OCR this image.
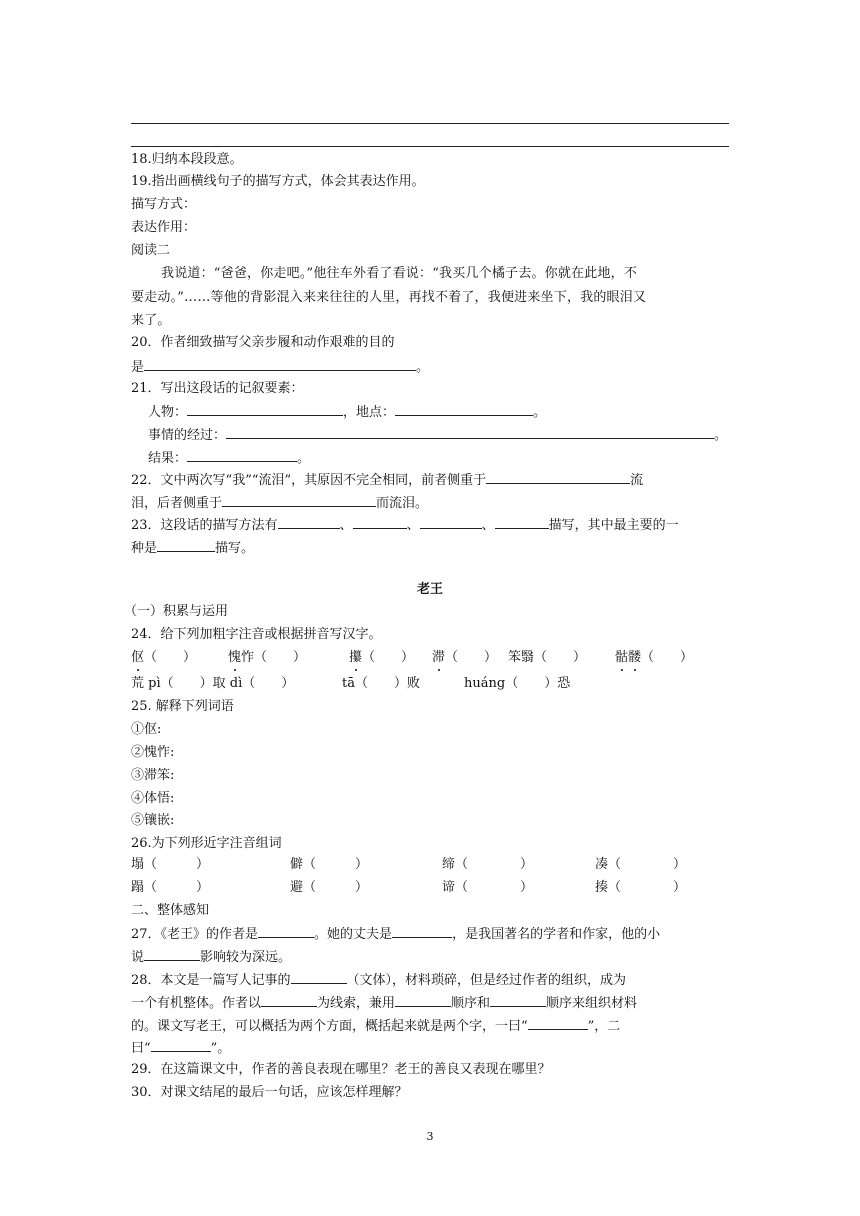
18.归纳本段段意。
19.指出画横线句子的描写方式，体会其表达作用。
描写方式：
表达作用：
阅读二
我说道：“爸爸，你走吧。”他往车外看了看说：“我买几个橘子去。你就在此地，不
要走动。”……等他的背影混入来来往往的人里，再找不着了，我便进来坐下，我的眼泪又
来了。
20．作者细致描写父亲步履和动作艰难的目的
是	。
21．写出这段话的记叙要素：
人物：	，地点：	。
事情的经过：	。
结果：	。
22．文中两次写“我”“流泪”，其原因不完全相同，前者侧重于	流
泪，后者侧重于	而流泪。
23．这段话的描写方法有	、	、	、	描写，其中最主要的一
种是	描写。
老王
（一）积累与运用
24．给下列加粗字注音或根据拼音写汉字。
伛（　　） 愧怍（　　）	攥（　　） 滞（　　） 笨翳（　　） 骷髅（　　）
荒 pì（　　）取 dì（　　）	tā（　　）败	huáng（　　）恐
25. 解释下列词语
①伛:
②愧怍:
③滞笨:
④体悟:
⑤镶嵌:
26.为下列形近字注音组词
塌（　　　）	僻（　　　）	缔（　　　　）	凑（　　　　）
蹋（　　　）	避（　　　）	谛（　　　　）	揍（　　　　）
二、整体感知
27．《老王》的作者是	。她的丈夫是	，是我国著名的学者和作家，他的小
说	影响较为深远。
28．本文是一篇写人记事的	（文体），材料琐碎，但是经过作者的组织，成为
一个有机整体。作者以	为线索，兼用	顺序和	顺序来组织材料
的。课文写老王，可以概括为两个方面，概括起来就是两个字，一曰“	”，二
曰“	”。
29．在这篇课文中，作者的善良表现在哪里？老王的善良又表现在哪里？
30．对课文结尾的最后一句话，应该怎样理解？
3
